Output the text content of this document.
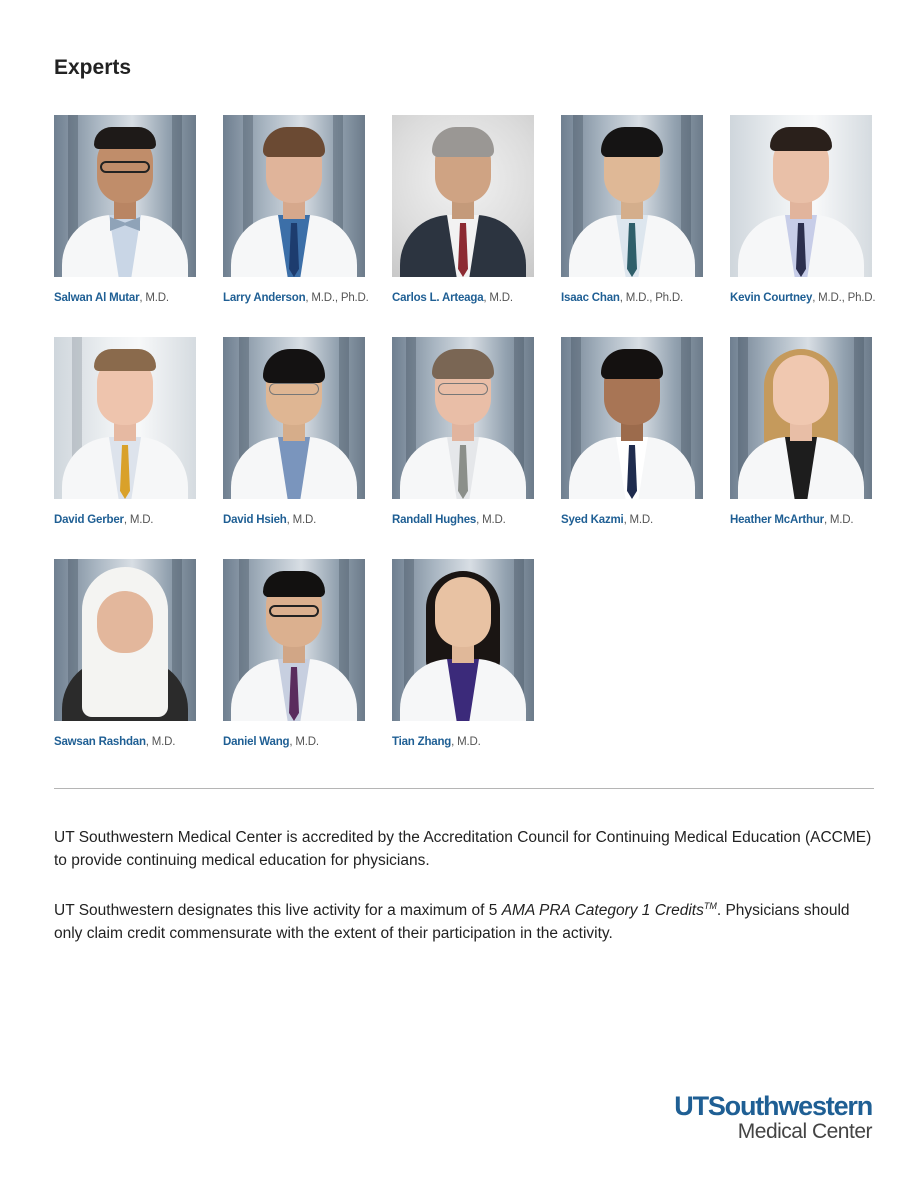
Experts
Salwan Al Mutar, M.D.	Larry Anderson, M.D., Ph.D. Carlos L. Arteaga, M.D.	Isaac Chan, M.D., Ph.D.	Kevin Courtney, M.D., Ph.D.
David Gerber, M.D.	David Hsieh, M.D.	Randall Hughes, M.D.	Syed Kazmi, M.D.	Heather McArthur, M.D.
Sawsan Rashdan, M.D.	Daniel Wang, M.D.	Tian Zhang, M.D.

UT Southwestern Medical Center is accredited by the Accreditation Council for Continuing Medical Education (ACCME) to provide continuing medical education for physicians.

UT Southwestern designates this live activity for a maximum of 5 AMA PRA Category 1 Credits™. Physicians should only claim credit commensurate with the extent of their participation in the activity.

UTSouthwestern
Medical Center
